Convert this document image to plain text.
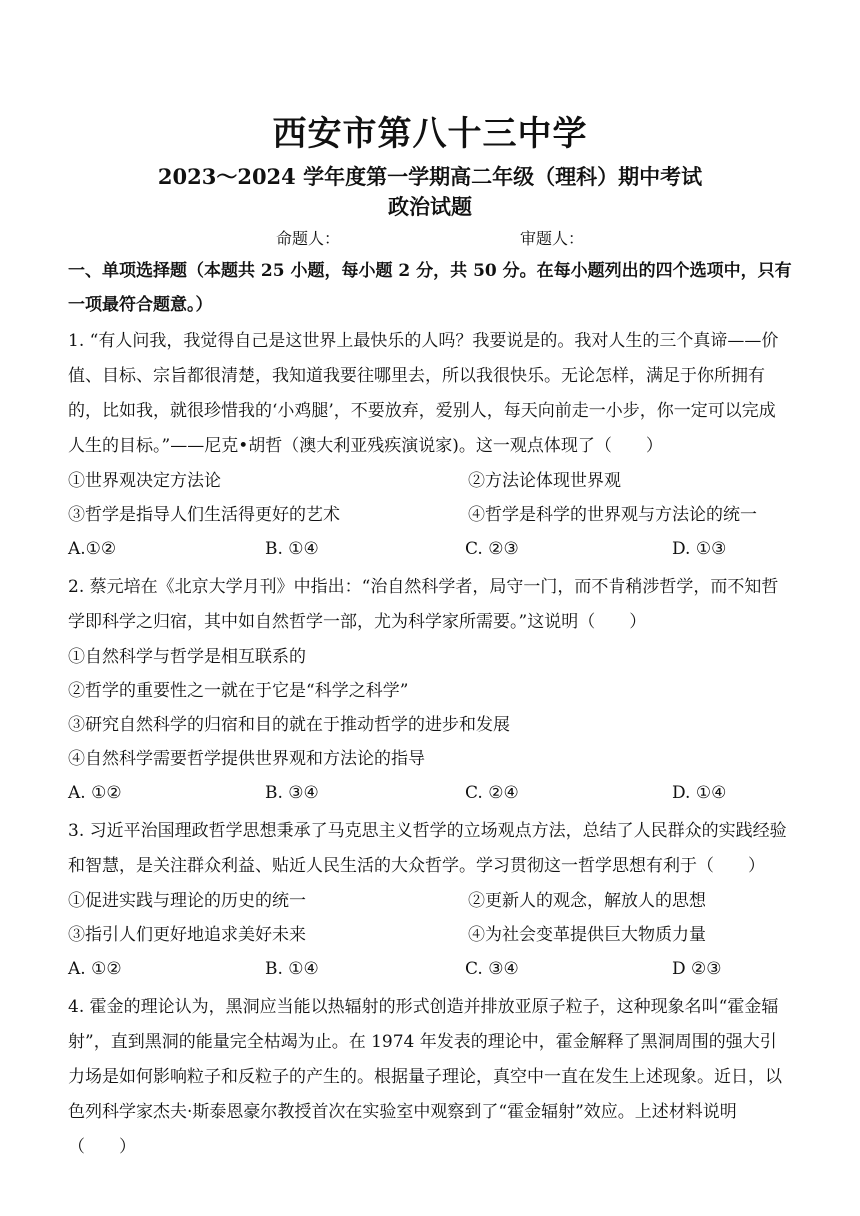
西安市第八十三中学
2023～2024 学年度第一学期高二年级（理科）期中考试
政治试题
命题人：	审题人：
一、单项选择题（本题共 25 小题，每小题 2 分，共 50 分。在每小题列出的四个选项中，只有一项最符合题意。）
1. “有人问我，我觉得自己是这世界上最快乐的人吗？我要说是的。我对人生的三个真谛——价值、目标、宗旨都很清楚，我知道我要往哪里去，所以我很快乐。无论怎样，满足于你所拥有的，比如我，就很珍惜我的‘小鸡腿’，不要放弃，爱别人，每天向前走一小步，你一定可以完成人生的目标。”——尼克•胡哲（澳大利亚残疾演说家)。这一观点体现了（　　）
①世界观决定方法论	②方法论体现世界观
③哲学是指导人们生活得更好的艺术	④哲学是科学的世界观与方法论的统一
A.①②	B. ①④	C. ②③	D. ①③
2. 蔡元培在《北京大学月刊》中指出：“治自然科学者，局守一门，而不肯稍涉哲学，而不知哲学即科学之归宿，其中如自然哲学一部，尤为科学家所需要。”这说明（　　）
①自然科学与哲学是相互联系的
②哲学的重要性之一就在于它是“科学之科学”
③研究自然科学的归宿和目的就在于推动哲学的进步和发展
④自然科学需要哲学提供世界观和方法论的指导
A. ①②	B. ③④	C. ②④	D. ①④
3. 习近平治国理政哲学思想秉承了马克思主义哲学的立场观点方法，总结了人民群众的实践经验和智慧，是关注群众利益、贴近人民生活的大众哲学。学习贯彻这一哲学思想有利于（　　）
①促进实践与理论的历史的统一	②更新人的观念，解放人的思想
③指引人们更好地追求美好未来	④为社会变革提供巨大物质力量
A. ①②	B. ①④	C. ③④	D ②③
4. 霍金的理论认为，黑洞应当能以热辐射的形式创造并排放亚原子粒子，这种现象名叫“霍金辐射”，直到黑洞的能量完全枯竭为止。在 1974 年发表的理论中，霍金解释了黑洞周围的强大引力场是如何影响粒子和反粒子的产生的。根据量子理论，真空中一直在发生上述现象。近日，以色列科学家杰夫·斯泰恩豪尔教授首次在实验室中观察到了“霍金辐射”效应。上述材料说明（　　）
